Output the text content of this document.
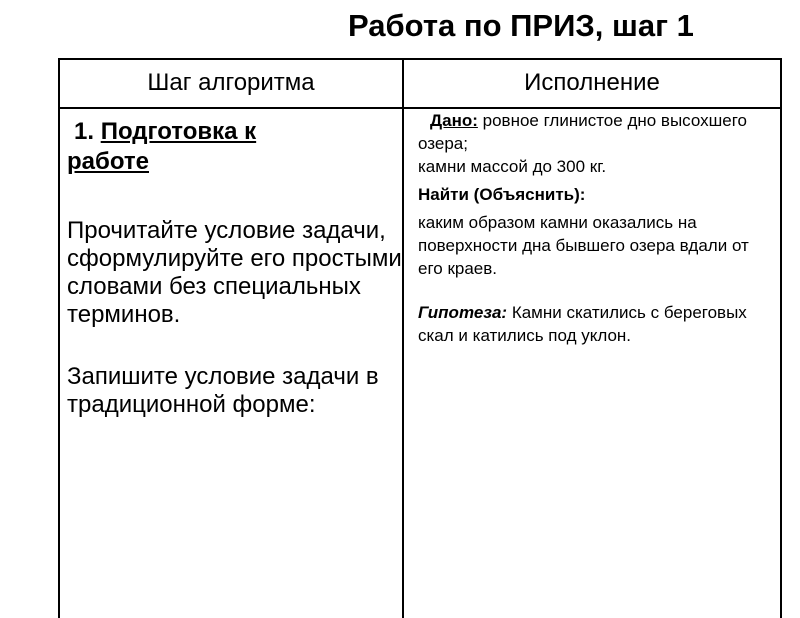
Работа по ПРИЗ, шаг 1
Шаг алгоритма	Исполнение

1. Подготовка к
работе

Прочитайте условие задачи, сформулируйте его простыми словами без специальных терминов.

Запишите условие задачи в традиционной форме:

Дано: ровное глинистое дно высохшего озера;

камни массой до 300 кг.

Найти (Объяснить):

каким образом камни оказались на поверхности дна бывшего озера вдали от его краев.

Гипотеза: Камни скатились с береговых скал и катились под уклон.
